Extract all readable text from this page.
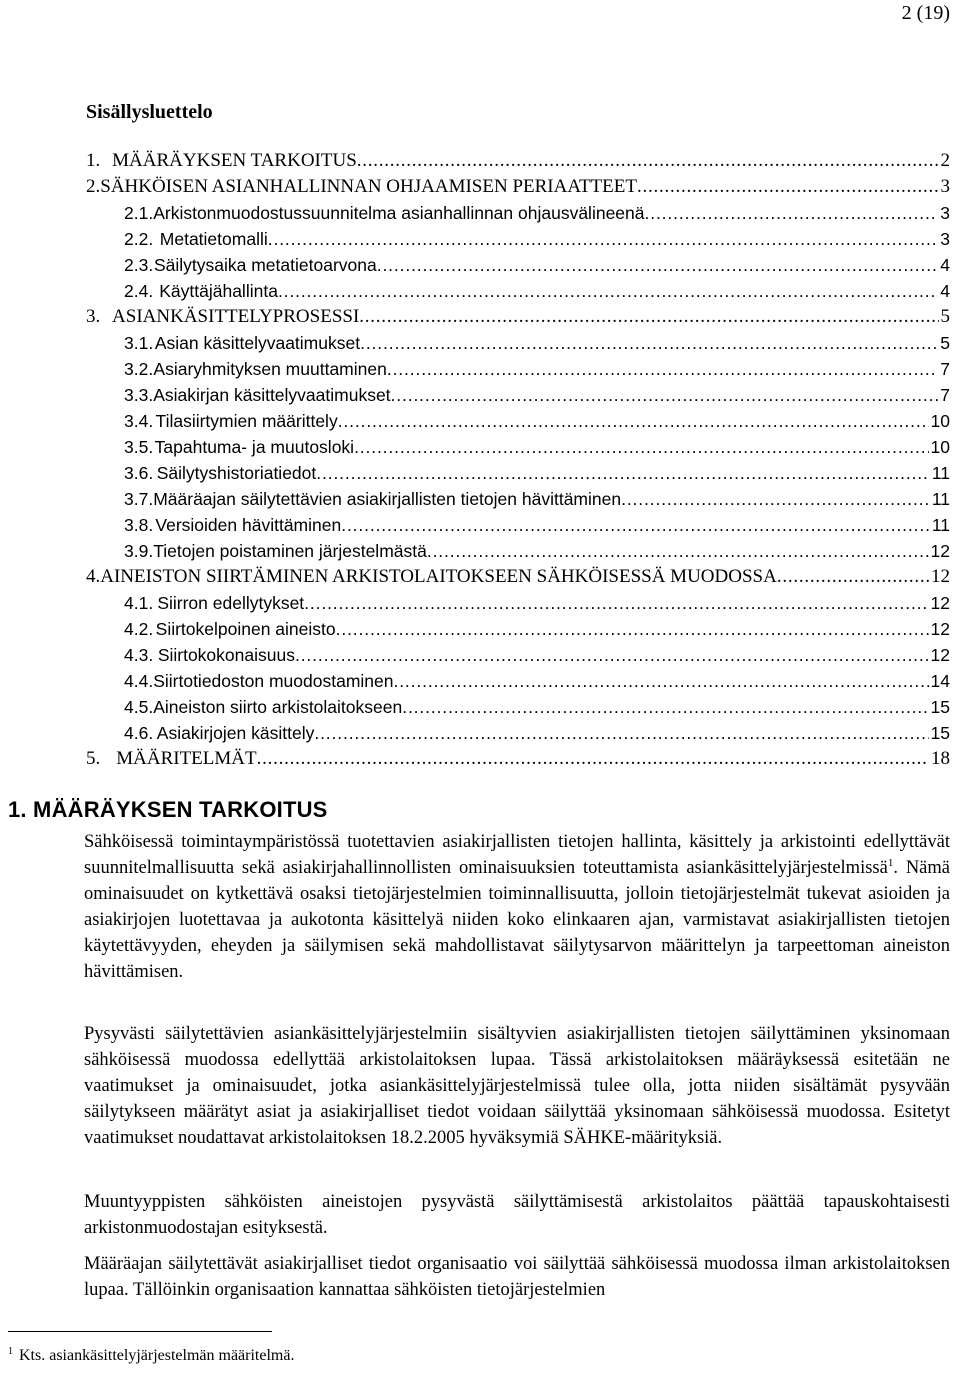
2 (19)
Sisällysluettelo
1. MÄÄRÄYKSEN TARKOITUS . . .	2
2. SÄHKÖISEN ASIANHALLINNAN OHJAAMISEN PERIAATTEET . . .	3
2.1. Arkistonmuodostussuunnitelma asianhallinnan ohjausvälineenä . . .	3
2.2. Metatietomalli . . .	3
2.3. Säilytysaika metatietoarvona . . .	4
2.4. Käyttäjähallinta . . .	4
3. ASIANKÄSITTELYPROSESSI . . .	5
3.1. Asian käsittelyvaatimukset . . .	5
3.2. Asiaryhmityksen muuttaminen . . .	7
3.3. Asiakirjan käsittelyvaatimukset . . .	7
3.4. Tilasiirtymien määrittely . . .	10
3.5. Tapahtuma- ja muutosloki . . .	10
3.6. Säilytyshistoriatiedot . . .	11
3.7. Määräajan säilytettävien asiakirjallisten tietojen hävittäminen . . .	11
3.8. Versioiden hävittäminen . . .	11
3.9. Tietojen poistaminen järjestelmästä . . .	12
4. AINEISTON SIIRTÄMINEN ARKISTOLAITOKSEEN SÄHKÖISESSÄ MUODOSSA . . .	12
4.1. Siirron edellytykset . . .	12
4.2. Siirtokelpoinen aineisto . . .	12
4.3. Siirtokokonaisuus . . .	12
4.4. Siirtotiedoston muodostaminen . . .	14
4.5. Aineiston siirto arkistolaitokseen . . .	15
4.6. Asiakirjojen käsittely . . .	15
5. MÄÄRITELMÄT . . .	18
1. MÄÄRÄYKSEN TARKOITUS

Sähköisessä toimintaympäristössä tuotettavien asiakirjallisten tietojen hallinta, käsittely ja arkistointi edellyttävät suunnitelmallisuutta sekä asiakirjahallinnollisten ominaisuuksien toteuttamista asiankäsittelyjärjestelmissä$^1$. Nämä ominaisuudet on kytkettävä osaksi tietojärjestelmien toiminnallisuutta, jolloin tietojärjestelmät tukevat asioiden ja asiakirjojen luotettavaa ja aukotonta käsittelyä niiden koko elinkaaren ajan, varmistavat asiakirjallisten tietojen käytettävyyden, eheyden ja säilymisen sekä mahdollistavat säilytysarvon määrittelyn ja tarpeettoman aineiston hävittämisen.

Pysyvästi säilytettävien asiankäsittelyjärjestelmiin sisältyvien asiakirjallisten tietojen säilyttäminen yksinomaan sähköisessä muodossa edellyttää arkistolaitoksen lupaa. Tässä arkistolaitoksen määräyksessä esitetään ne vaatimukset ja ominaisuudet, jotka asiankäsittelyjärjestelmissä tulee olla, jotta niiden sisältämät pysyvään säilytykseen määrätyt asiat ja asiakirjalliset tiedot voidaan säilyttää yksinomaan sähköisessä muodossa. Esitetyt vaatimukset noudattavat arkistolaitoksen 18.2.2005 hyväksymiä SÄHKE-määrityksiä.

Muuntyyppisten sähköisten aineistojen pysyvästä säilyttämisestä arkistolaitos päättää tapauskohtaisesti arkistonmuodostajan esityksestä.

Määräajan säilytettävät asiakirjalliset tiedot organisaatio voi säilyttää sähköisessä muodossa ilman arkistolaitoksen lupaa. Tällöinkin organisaation kannattaa sähköisten tietojärjestelmien

$^1$ Kts. asiankäsittelyjärjestelmän määritelmä.
